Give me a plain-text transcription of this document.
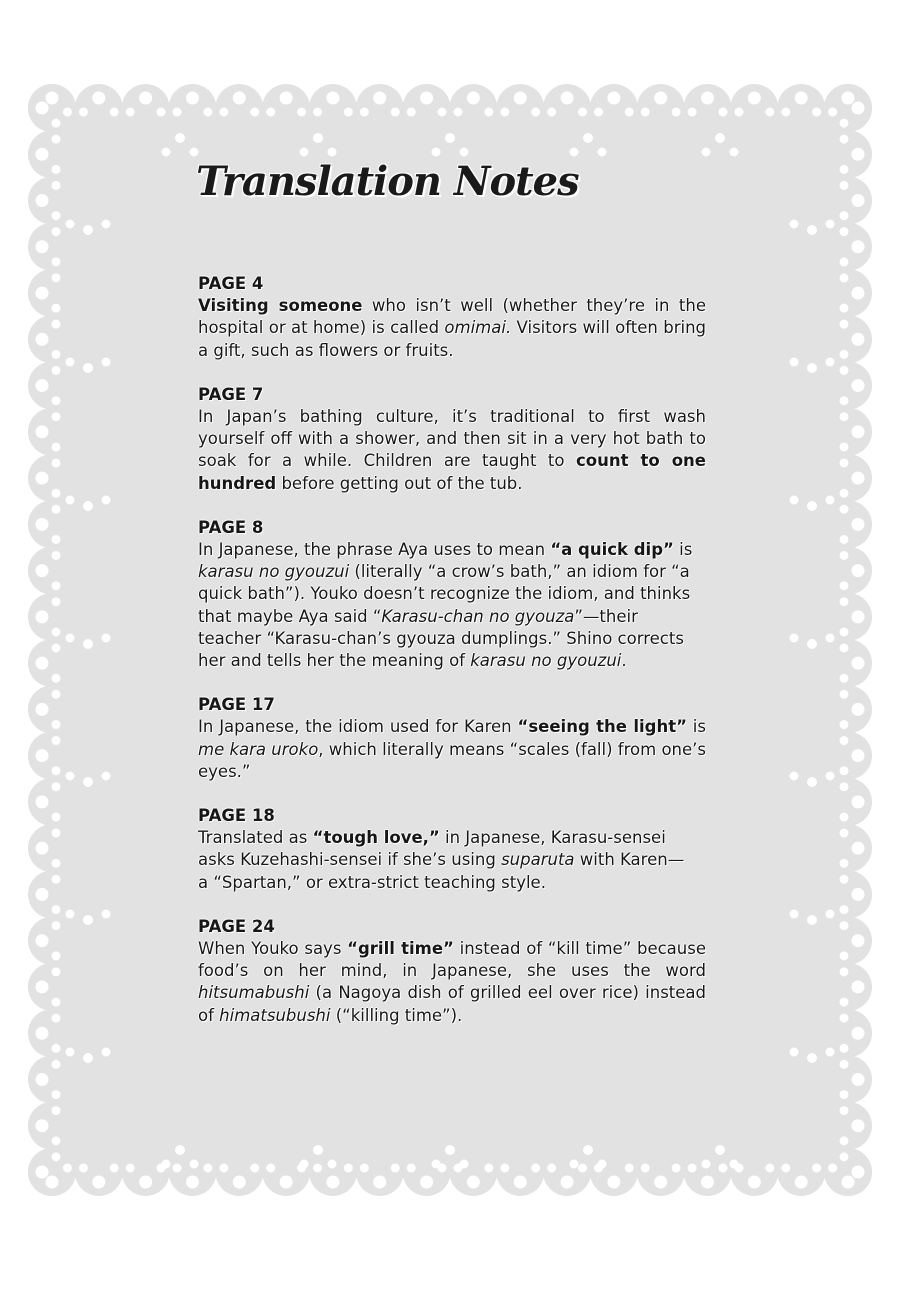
Translation Notes
PAGE 4
Visiting someone who isn’t well (whether they’re in the hospital or at home) is called omimai. Visitors will often bring a gift, such as flowers or fruits.
PAGE 7
In Japan’s bathing culture, it’s traditional to first wash yourself off with a shower, and then sit in a very hot bath to soak for a while. Children are taught to count to one hundred before getting out of the tub.
PAGE 8
In Japanese, the phrase Aya uses to mean “a quick dip” is karasu no gyouzui (literally “a crow’s bath,” an idiom for “a quick bath”). Youko doesn’t recognize the idiom, and thinks that maybe Aya said “Karasu-chan no gyouza”—their teacher “Karasu-chan’s gyouza dumplings.” Shino corrects
her and tells her the meaning of karasu no gyouzui.
PAGE 17
In Japanese, the idiom used for Karen “seeing the light” is me kara uroko, which literally means “scales (fall) from one’s eyes.”
PAGE 18
Translated as “tough love,” in Japanese, Karasu-sensei
asks Kuzehashi-sensei if she’s using suparuta with Karen—
a “Spartan,” or extra-strict teaching style.
PAGE 24
When Youko says “grill time” instead of “kill time” because food’s on her mind, in Japanese, she uses the word hitsumabushi (a Nagoya dish of grilled eel over rice) instead of himatsubushi (“killing time”).
